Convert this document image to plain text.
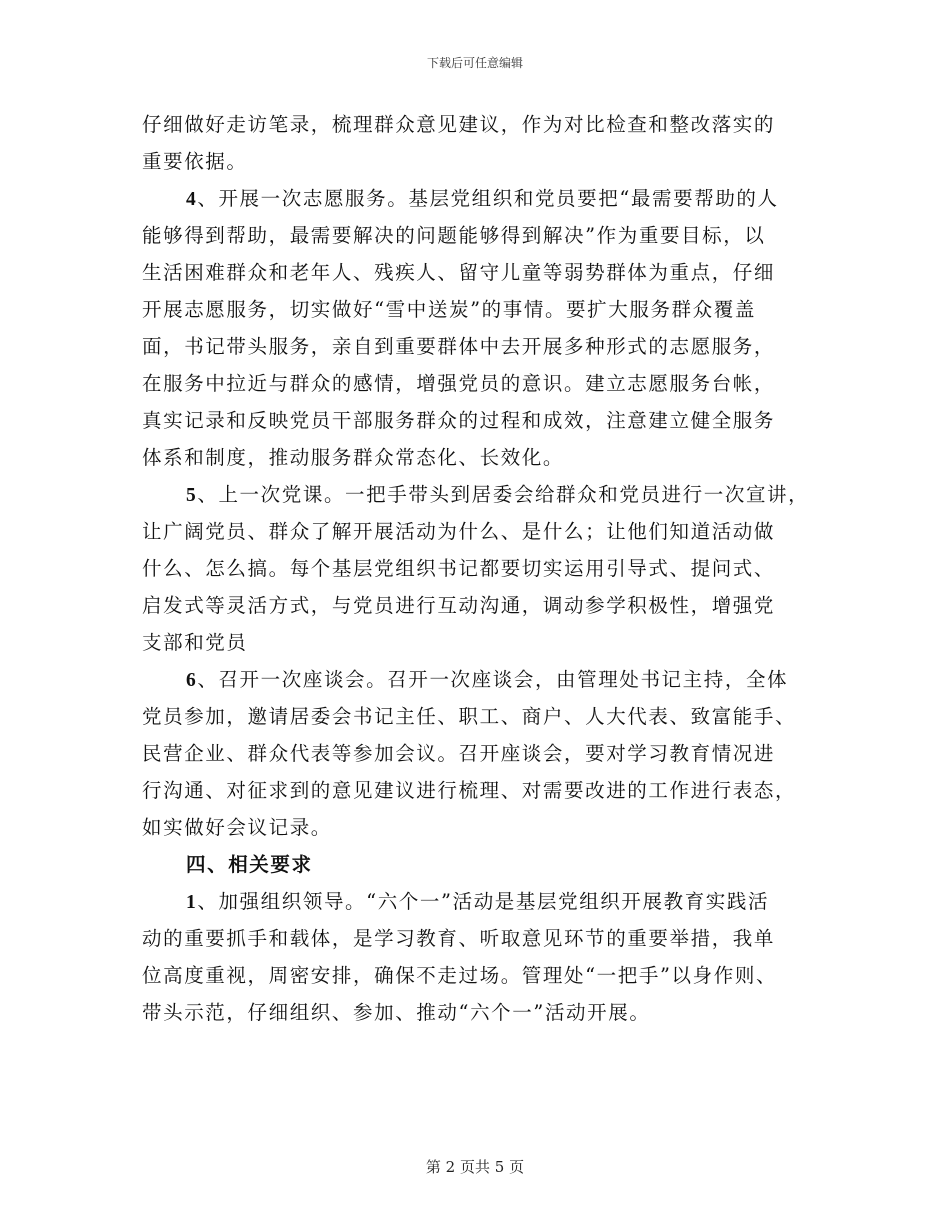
下载后可任意编辑
仔细做好走访笔录，梳理群众意见建议，作为对比检查和整改落实的
重要依据。
4、开展一次志愿服务。基层党组织和党员要把“最需要帮助的人
能够得到帮助，最需要解决的问题能够得到解决”作为重要目标，以
生活困难群众和老年人、残疾人、留守儿童等弱势群体为重点，仔细
开展志愿服务，切实做好“雪中送炭”的事情。要扩大服务群众覆盖
面，书记带头服务，亲自到重要群体中去开展多种形式的志愿服务，
在服务中拉近与群众的感情，增强党员的意识。建立志愿服务台帐，
真实记录和反映党员干部服务群众的过程和成效，注意建立健全服务
体系和制度，推动服务群众常态化、长效化。
5、上一次党课。一把手带头到居委会给群众和党员进行一次宣讲，
让广阔党员、群众了解开展活动为什么、是什么；让他们知道活动做
什么、怎么搞。每个基层党组织书记都要切实运用引导式、提问式、
启发式等灵活方式，与党员进行互动沟通，调动参学积极性，增强党
支部和党员
6、召开一次座谈会。召开一次座谈会，由管理处书记主持，全体
党员参加，邀请居委会书记主任、职工、商户、人大代表、致富能手、
民营企业、群众代表等参加会议。召开座谈会，要对学习教育情况进
行沟通、对征求到的意见建议进行梳理、对需要改进的工作进行表态，
如实做好会议记录。
四、相关要求
1、加强组织领导。“六个一”活动是基层党组织开展教育实践活
动的重要抓手和载体，是学习教育、听取意见环节的重要举措，我单
位高度重视，周密安排，确保不走过场。管理处“一把手”以身作则、
带头示范，仔细组织、参加、推动“六个一”活动开展。
第 2 页共 5 页
